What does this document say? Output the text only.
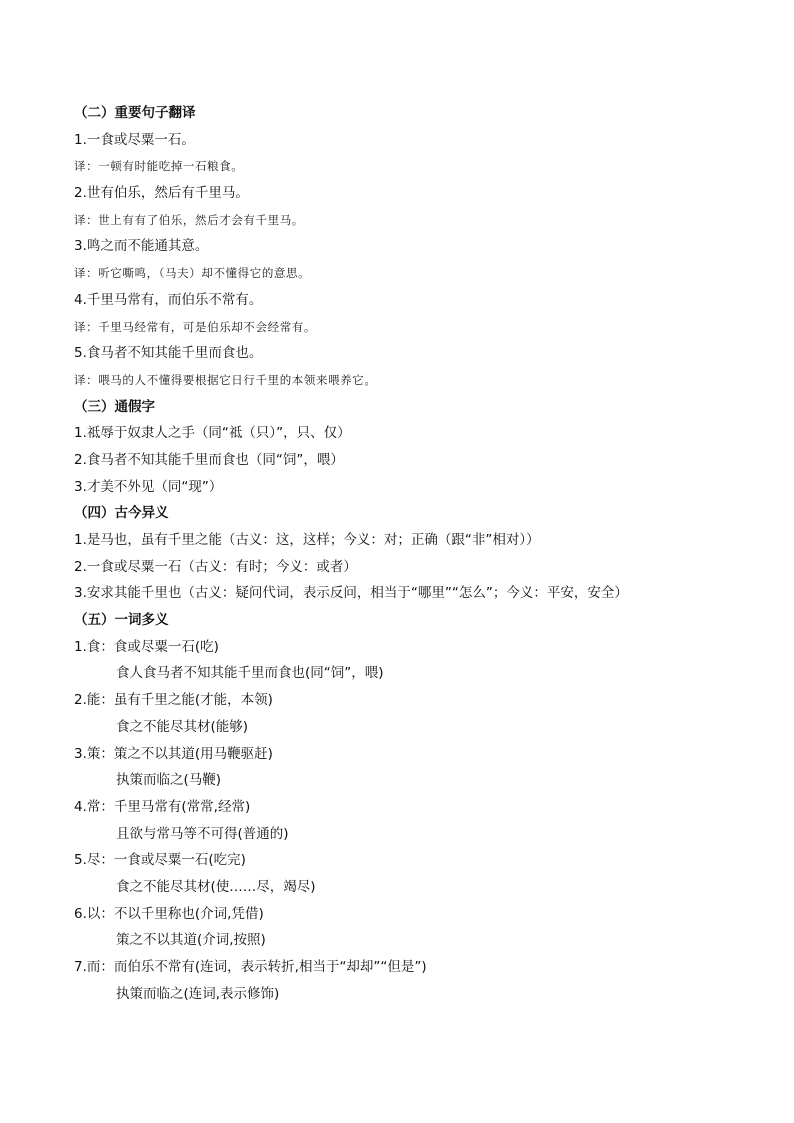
（二）重要句子翻译
1.一食或尽粟一石。
译：一顿有时能吃掉一石粮食。
2.世有伯乐，然后有千里马。
译：世上有有了伯乐，然后才会有千里马。
3.鸣之而不能通其意。
译：听它嘶鸣，（马夫）却不懂得它的意思。
4.千里马常有，而伯乐不常有。
译：千里马经常有，可是伯乐却不会经常有。
5.食马者不知其能千里而食也。
译：喂马的人不懂得要根据它日行千里的本领来喂养它。
（三）通假字
1.祗辱于奴隶人之手（同“祗（只）”，只、仅）
2.食马者不知其能千里而食也（同“饲”，喂）
3.才美不外见（同“现”）
（四）古今异义
1.是马也，虽有千里之能（古义：这，这样；今义：对；正确（跟“非”相对））
2.一食或尽粟一石（古义：有时；今义：或者）
3.安求其能千里也（古义：疑问代词，表示反问，相当于“哪里”“怎么”；今义：平安，安全）
（五）一词多义
1.食：食或尽粟一石(吃)
食人食马者不知其能千里而食也(同“饲”，喂)
2.能：虽有千里之能(才能，本领)
食之不能尽其材(能够)
3.策：策之不以其道(用马鞭驱赶)
执策而临之(马鞭)
4.常：千里马常有(常常,经常)
且欲与常马等不可得(普通的)
5.尽：一食或尽粟一石(吃完)
食之不能尽其材(使……尽，竭尽)
6.以：不以千里称也(介词,凭借)
策之不以其道(介词,按照)
7.而：而伯乐不常有(连词，表示转折,相当于“却却”“但是”)
执策而临之(连词,表示修饰)
